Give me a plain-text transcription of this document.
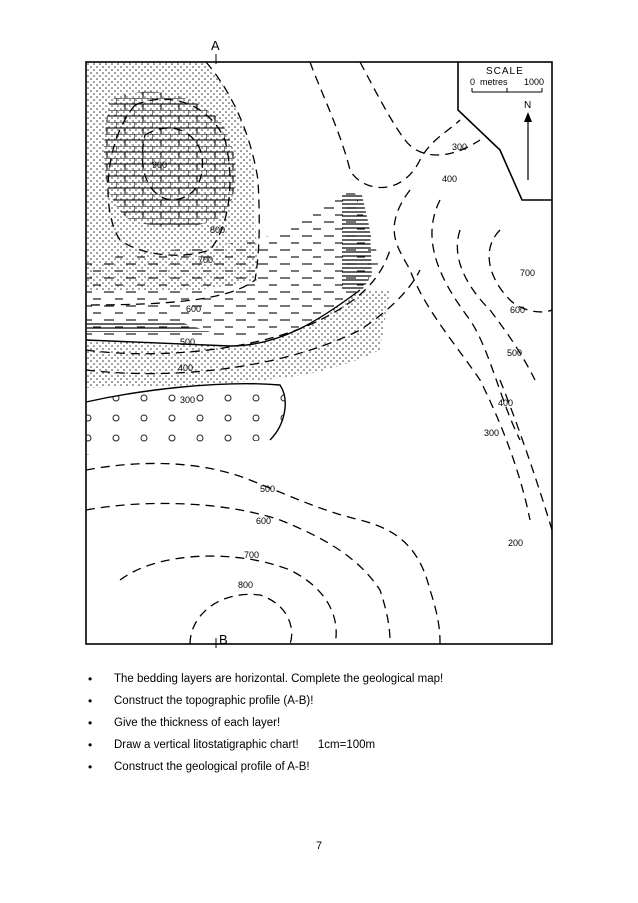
A
B
SCALE
0 metres 1000
N
300
400
300
900
800
700
600
500
400
700
600
500
400
300
200
500
600
700
800
• The bedding layers are horizontal. Complete the geological map!
• Construct the topographic profile (A-B)!
• Give the thickness of each layer!
• Draw a vertical litostatigraphic chart!      1cm=100m
• Construct the geological profile of A-B!
7
